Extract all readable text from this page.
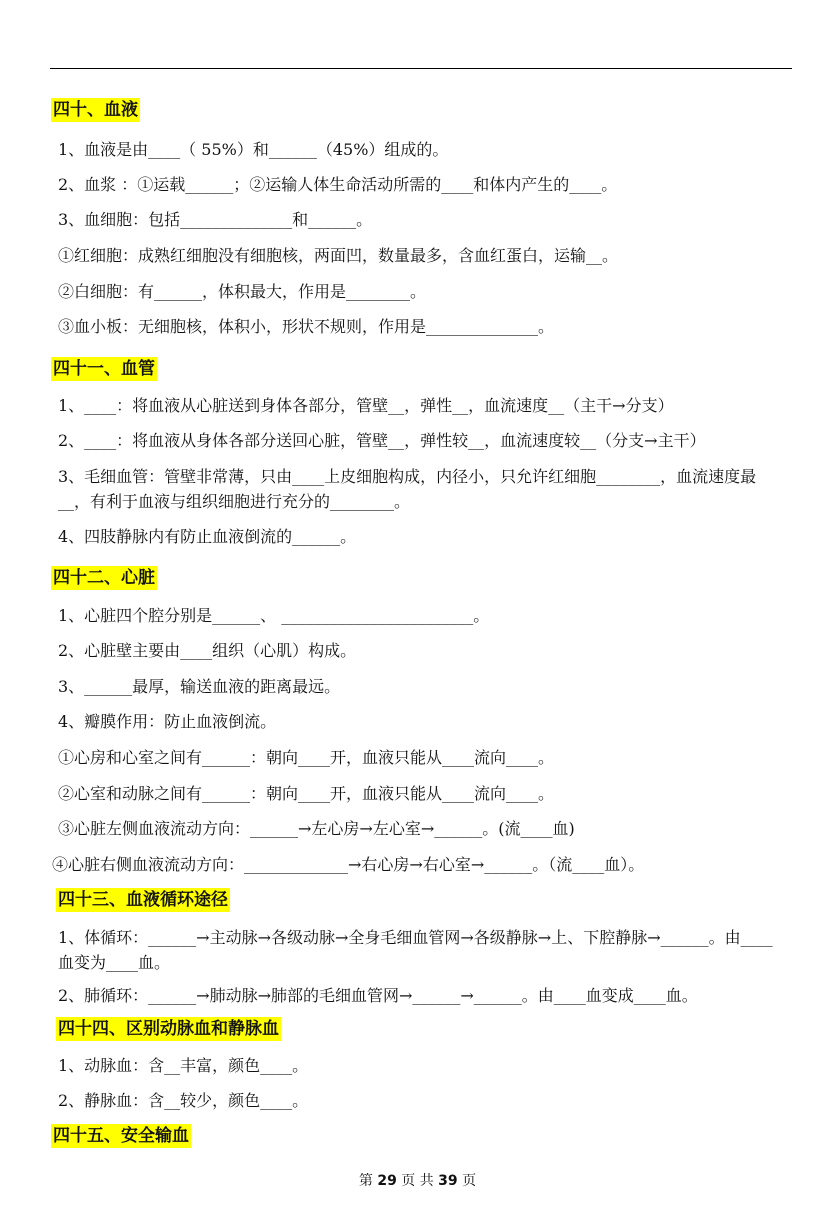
四十、血液
1、血液是由____（ 55%）和______（45%）组成的。
2、血浆 ：①运载______；②运输人体生命活动所需的____和体内产生的____。
3、血细胞：包括______________和______。
①红细胞：成熟红细胞没有细胞核，两面凹，数量最多，含血红蛋白，运输__。
②白细胞：有______，体积最大，作用是________。
③血小板：无细胞核，体积小，形状不规则，作用是______________。
四十一、血管
1、____：将血液从心脏送到身体各部分，管壁__，弹性__，血流速度__（主干→分支）
2、____：将血液从身体各部分送回心脏，管壁__，弹性较__，血流速度较__（分支→主干）
3、毛细血管：管壁非常薄，只由____上皮细胞构成，内径小，只允许红细胞________，血流速度最__，有利于血液与组织细胞进行充分的________。
4、四肢静脉内有防止血液倒流的______。
四十二、心脏
1、心脏四个腔分别是______、 ________________________。
2、心脏壁主要由____组织（心肌）构成。
3、______最厚，输送血液的距离最远。
4、瓣膜作用：防止血液倒流。
①心房和心室之间有______：朝向____开，血液只能从____流向____。
②心室和动脉之间有______：朝向____开，血液只能从____流向____。
③心脏左侧血液流动方向：______→左心房→左心室→______。(流____血)
④心脏右侧血液流动方向：_____________→右心房→右心室→______。（流____血）。
四十三、血液循环途径
1、体循环：______→主动脉→各级动脉→全身毛细血管网→各级静脉→上、下腔静脉→______。由____血变为____血。
2、肺循环：______→肺动脉→肺部的毛细血管网→______→______。由____血变成____血。
四十四、区别动脉血和静脉血
1、动脉血：含__丰富，颜色____。
2、静脉血：含__较少，颜色____。
四十五、安全输血
第 29 页 共 39 页
